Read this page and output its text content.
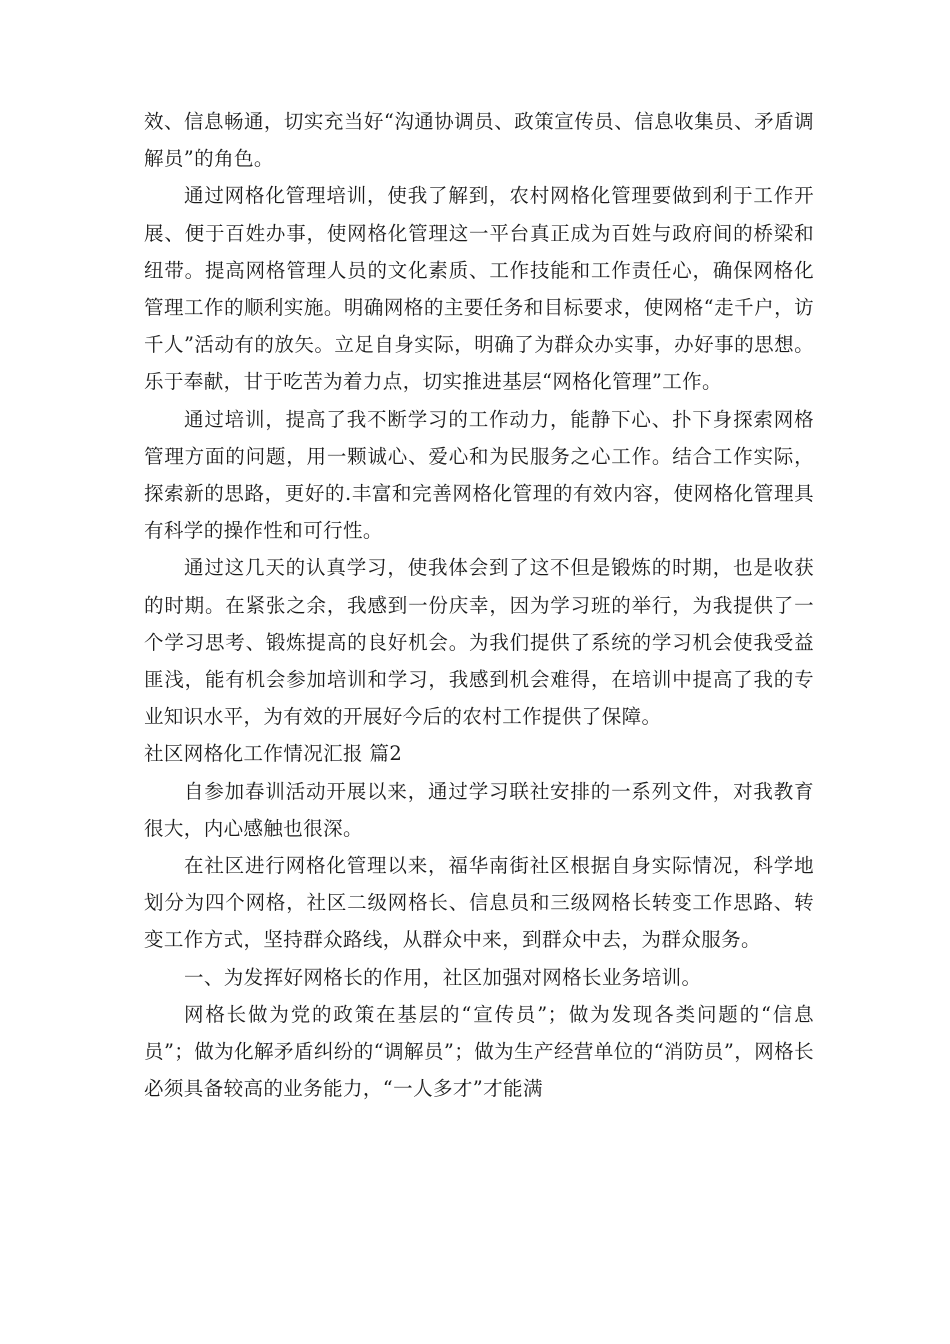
效、信息畅通，切实充当好“沟通协调员、政策宣传员、信息收集员、矛盾调解员”的角色。

通过网格化管理培训，使我了解到，农村网格化管理要做到利于工作开展、便于百姓办事，使网格化管理这一平台真正成为百姓与政府间的桥梁和纽带。提高网格管理人员的文化素质、工作技能和工作责任心，确保网格化管理工作的顺利实施。明确网格的主要任务和目标要求，使网格“走千户，访千人”活动有的放矢。立足自身实际，明确了为群众办实事，办好事的思想。乐于奉献，甘于吃苦为着力点，切实推进基层“网格化管理”工作。

通过培训，提高了我不断学习的工作动力，能静下心、扑下身探索网格管理方面的问题，用一颗诚心、爱心和为民服务之心工作。结合工作实际，探索新的思路，更好的.丰富和完善网格化管理的有效内容，使网格化管理具有科学的操作性和可行性。

通过这几天的认真学习，使我体会到了这不但是锻炼的时期，也是收获的时期。在紧张之余，我感到一份庆幸，因为学习班的举行，为我提供了一个学习思考、锻炼提高的良好机会。为我们提供了系统的学习机会使我受益匪浅，能有机会参加培训和学习，我感到机会难得，在培训中提高了我的专业知识水平，为有效的开展好今后的农村工作提供了保障。

社区网格化工作情况汇报 篇2

自参加春训活动开展以来，通过学习联社安排的一系列文件，对我教育很大，内心感触也很深。

在社区进行网格化管理以来，福华南街社区根据自身实际情况，科学地划分为四个网格，社区二级网格长、信息员和三级网格长转变工作思路、转变工作方式，坚持群众路线，从群众中来，到群众中去，为群众服务。

一、为发挥好网格长的作用，社区加强对网格长业务培训。

网格长做为党的政策在基层的“宣传员”；做为发现各类问题的“信息员”；做为化解矛盾纠纷的“调解员”；做为生产经营单位的“消防员”，网格长必须具备较高的业务能力，“一人多才”才能满
